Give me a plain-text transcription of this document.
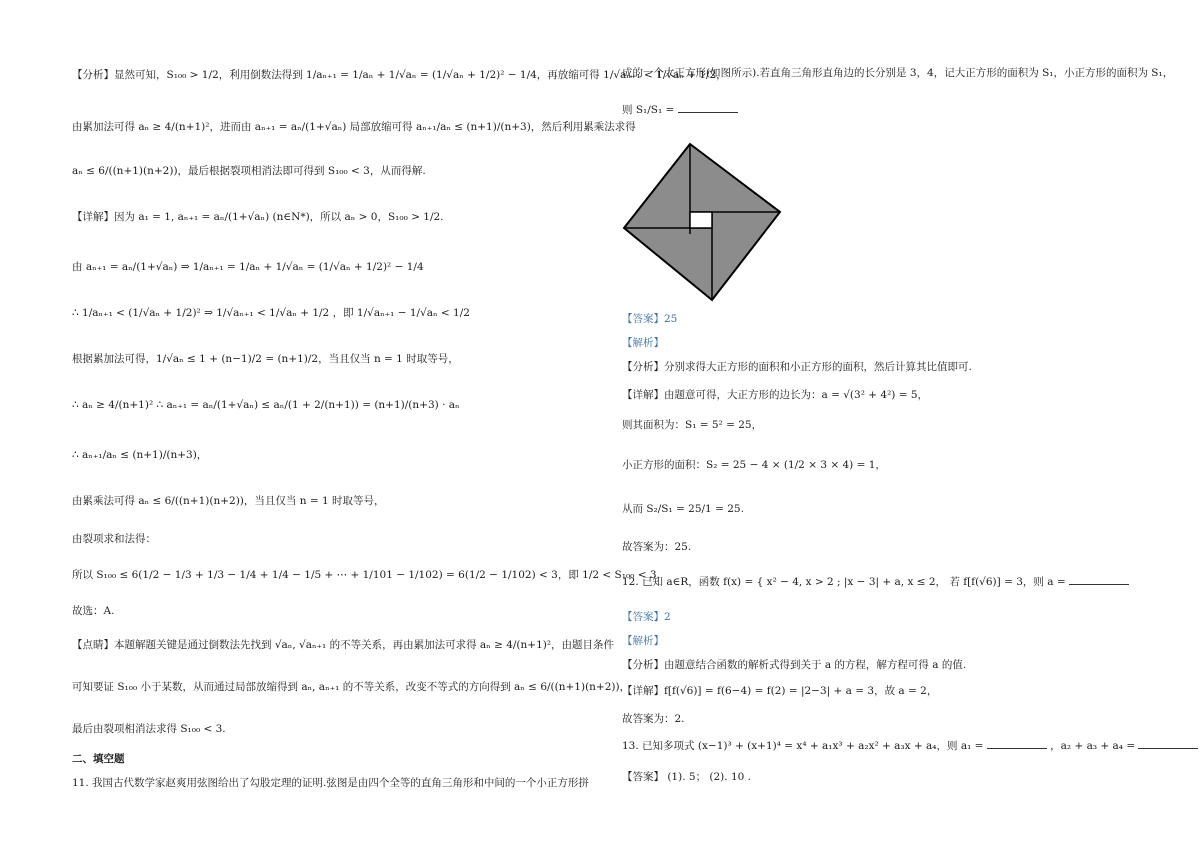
【分析】显然可知，S₁₀₀ > 1/2，利用倒数法得到 1/aₙ₊₁ = 1/aₙ + 1/√aₙ = (1/√aₙ + 1/2)² − 1/4，再放缩可得 1/√aₙ₊₁ < 1/√aₙ + 1/2，
由累加法可得 aₙ ≥ 4/(n+1)²，进而由 aₙ₊₁ = aₙ/(1+√aₙ) 局部放缩可得 aₙ₊₁/aₙ ≤ (n+1)/(n+3)，然后利用累乘法求得
aₙ ≤ 6/((n+1)(n+2))，最后根据裂项相消法即可得到 S₁₀₀ < 3，从而得解.
【详解】因为 a₁ = 1, aₙ₊₁ = aₙ/(1+√aₙ) (n∈N*)，所以 aₙ > 0，S₁₀₀ > 1/2.
由 aₙ₊₁ = aₙ/(1+√aₙ) ⇒ 1/aₙ₊₁ = 1/aₙ + 1/√aₙ = (1/√aₙ + 1/2)² − 1/4
∴ 1/aₙ₊₁ < (1/√aₙ + 1/2)² ⇒ 1/√aₙ₊₁ < 1/√aₙ + 1/2 ，即 1/√aₙ₊₁ − 1/√aₙ < 1/2
根据累加法可得，1/√aₙ ≤ 1 + (n−1)/2 = (n+1)/2，当且仅当 n = 1 时取等号，
∴ aₙ ≥ 4/(n+1)² ∴ aₙ₊₁ = aₙ/(1+√aₙ) ≤ aₙ/(1 + 2/(n+1)) = (n+1)/(n+3) · aₙ
∴ aₙ₊₁/aₙ ≤ (n+1)/(n+3)，
由累乘法可得 aₙ ≤ 6/((n+1)(n+2))，当且仅当 n = 1 时取等号，
由裂项求和法得：
所以 S₁₀₀ ≤ 6(1/2 − 1/3 + 1/3 − 1/4 + 1/4 − 1/5 + ⋯ + 1/101 − 1/102) = 6(1/2 − 1/102) < 3，即 1/2 < S₁₀₀ < 3.
故选：A.
【点睛】本题解题关键是通过倒数法先找到 √aₙ, √aₙ₊₁ 的不等关系，再由累加法可求得 aₙ ≥ 4/(n+1)²，由题目条件
可知要证 S₁₀₀ 小于某数，从而通过局部放缩得到 aₙ, aₙ₊₁ 的不等关系，改变不等式的方向得到 aₙ ≤ 6/((n+1)(n+2))，
最后由裂项相消法求得 S₁₀₀ < 3.
二、填空题
11. 我国古代数学家赵爽用弦图给出了勾股定理的证明.弦图是由四个全等的直角三角形和中间的一个小正方形拼
成的一个大正方形(如图所示).若直角三角形直角边的长分别是 3，4，记大正方形的面积为 S₁，小正方形的面积为 S₁，
则 S₁/S₁ =
【答案】25
【解析】
【分析】分别求得大正方形的面积和小正方形的面积，然后计算其比值即可.
【详解】由题意可得，大正方形的边长为：a = √(3² + 4²) = 5，
则其面积为：S₁ = 5² = 25，
小正方形的面积：S₂ = 25 − 4 × (1/2 × 3 × 4) = 1，
从而 S₂/S₁ = 25/1 = 25.
故答案为：25.
12. 已知 a∈R，函数 f(x) = { x² − 4, x > 2 ; |x − 3| + a, x ≤ 2， 若 f[f(√6)] = 3，则 a =
【答案】2
【解析】
【分析】由题意结合函数的解析式得到关于 a 的方程，解方程可得 a 的值.
【详解】f[f(√6)] = f(6−4) = f(2) = |2−3| + a = 3，故 a = 2，
故答案为：2.
13. 已知多项式 (x−1)³ + (x+1)⁴ = x⁴ + a₁x³ + a₂x² + a₃x + a₄，则 a₁ =	，a₂ + a₃ + a₄ =
【答案】 (1). 5； (2). 10 .
